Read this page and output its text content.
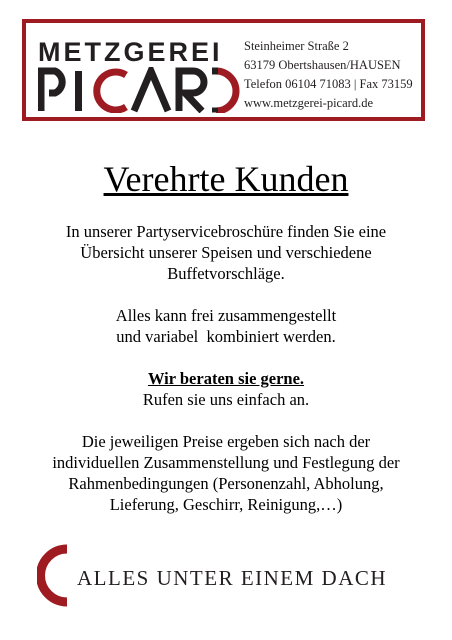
METZGEREI Steinheimer Straße 2
63179 Obertshausen/HAUSEN
Telefon 06104 71083 | Fax 73159
www.metzgerei-picard.de
Verehrte Kunden

In unserer Partyservicebroschüre finden Sie eine
Übersicht unserer Speisen und verschiedene
Buffetvorschläge.

Alles kann frei zusammengestellt
und variabel  kombiniert werden.

Wir beraten sie gerne.
Rufen sie uns einfach an.

Die jeweiligen Preise ergeben sich nach der
individuellen Zusammenstellung und Festlegung der
Rahmenbedingungen (Personenzahl, Abholung,
Lieferung, Geschirr, Reinigung,…)

ALLES UNTER EINEM DACH
